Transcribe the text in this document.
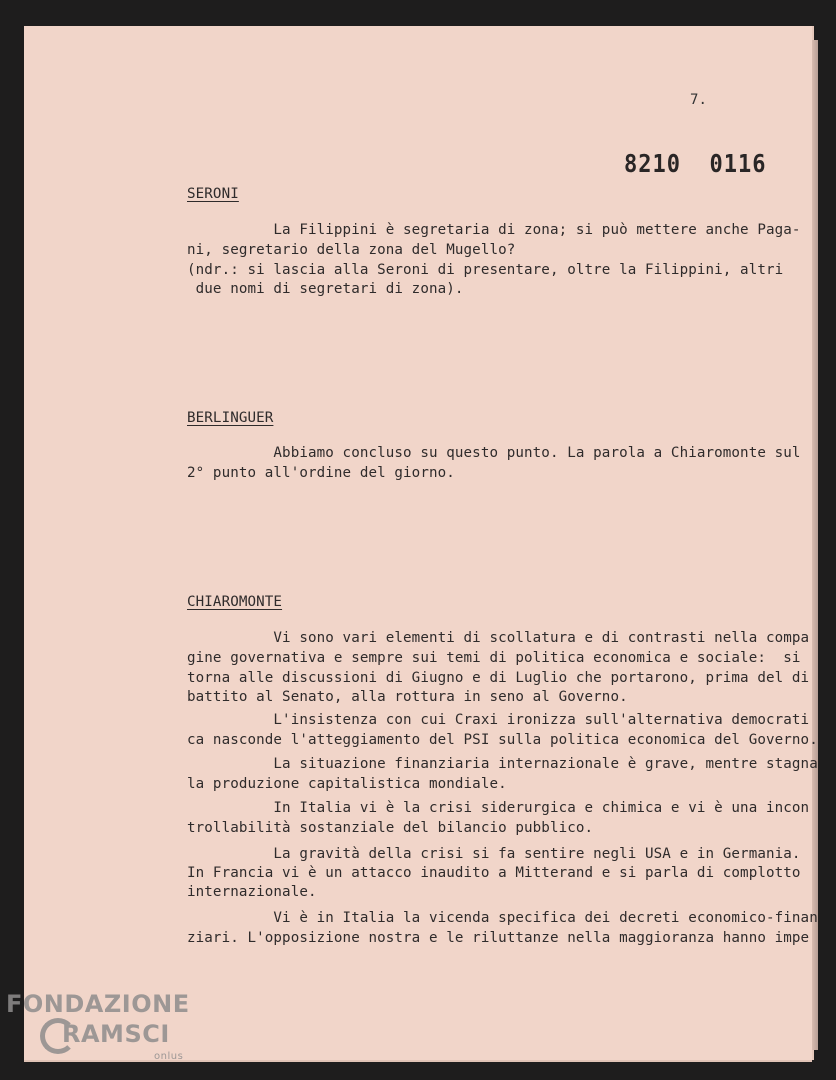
7.
8210  0116
SERONI
La Filippini è segretaria di zona; si può mettere anche Paga-
ni, segretario della zona del Mugello?
(ndr.: si lascia alla Seroni di presentare, oltre la Filippini, altri
due nomi di segretari di zona).
BERLINGUER
Abbiamo concluso su questo punto. La parola a Chiaromonte sul
2° punto all'ordine del giorno.
CHIAROMONTE
Vi sono vari elementi di scollatura e di contrasti nella compa
gine governativa e sempre sui temi di politica economica e sociale:  si
torna alle discussioni di Giugno e di Luglio che portarono, prima del di
battito al Senato, alla rottura in seno al Governo.
L'insistenza con cui Craxi ironizza sull'alternativa democrati
ca nasconde l'atteggiamento del PSI sulla politica economica del Governo.
La situazione finanziaria internazionale è grave, mentre stagna
la produzione capitalistica mondiale.
In Italia vi è la crisi siderurgica e chimica e vi è una incon
trollabilità sostanziale del bilancio pubblico.
La gravità della crisi si fa sentire negli USA e in Germania.
In Francia vi è un attacco inaudito a Mitterand e si parla di complotto
internazionale.
Vi è in Italia la vicenda specifica dei decreti economico-finan
ziari. L'opposizione nostra e le riluttanze nella maggioranza hanno impe
FONDAZIONE
RAMSCI
onlus
